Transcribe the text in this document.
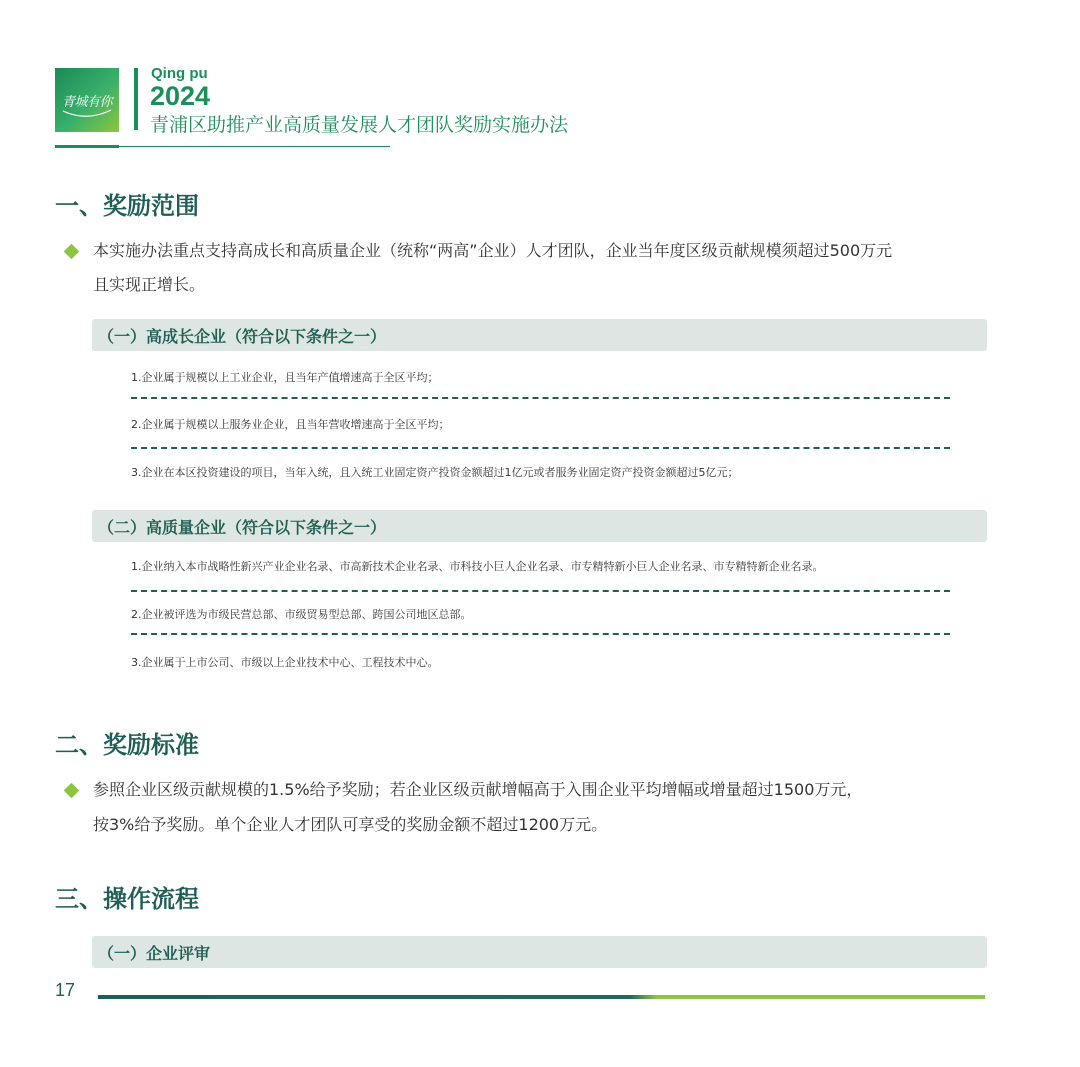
青城有你
Qing pu
2024
青浦区助推产业高质量发展人才团队奖励实施办法
一、奖励范围
本实施办法重点支持高成长和高质量企业（统称“两高”企业）人才团队，企业当年度区级贡献规模须超过500万元
且实现正增长。
（一）高成长企业（符合以下条件之一）
1.企业属于规模以上工业企业，且当年产值增速高于全区平均；
2.企业属于规模以上服务业企业，且当年营收增速高于全区平均；
3.企业在本区投资建设的项目，当年入统，且入统工业固定资产投资金额超过1亿元或者服务业固定资产投资金额超过5亿元；
（二）高质量企业（符合以下条件之一）
1.企业纳入本市战略性新兴产业企业名录、市高新技术企业名录、市科技小巨人企业名录、市专精特新小巨人企业名录、市专精特新企业名录。
2.企业被评选为市级民营总部、市级贸易型总部、跨国公司地区总部。
3.企业属于上市公司、市级以上企业技术中心、工程技术中心。
二、奖励标准
参照企业区级贡献规模的1.5%给予奖励；若企业区级贡献增幅高于入围企业平均增幅或增量超过1500万元，
按3%给予奖励。单个企业人才团队可享受的奖励金额不超过1200万元。
三、操作流程
（一）企业评审
17
